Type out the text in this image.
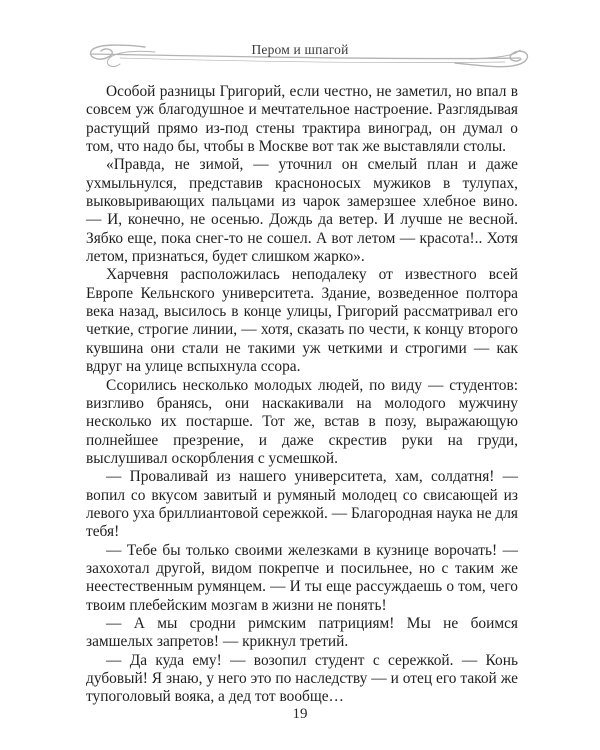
Пером и шпагой

Особой разницы Григорий, если честно, не заметил, но впал в совсем уж благодушное и мечтательное настроение. Разглядывая растущий прямо из-под стены трактира виноград, он думал о том, что надо бы, чтобы в Москве вот так же выставляли столы.

«Правда, не зимой, — уточнил он смелый план и даже ухмыльнулся, представив красноносых мужиков в тулупах, выковыривающих пальцами из чарок замерзшее хлебное вино. — И, конечно, не осенью. Дождь да ветер. И лучше не весной. Зябко еще, пока снег-то не сошел. А вот летом — красота!.. Хотя летом, признаться, будет слишком жарко».

Харчевня расположилась неподалеку от известного всей Европе Кельнского университета. Здание, возведенное полтора века назад, высилось в конце улицы, Григорий рассматривал его четкие, строгие линии, — хотя, сказать по чести, к концу второго кувшина они стали не такими уж четкими и строгими — как вдруг на улице вспыхнула ссора.

Ссорились несколько молодых людей, по виду — студентов: визгливо бранясь, они наскакивали на молодого мужчину несколько их постарше. Тот же, встав в позу, выражающую полнейшее презрение, и даже скрестив руки на груди, выслушивал оскорбления с усмешкой.

— Проваливай из нашего университета, хам, солдатня! — вопил со вкусом завитый и румяный молодец со свисающей из левого уха бриллиантовой сережкой. — Благородная наука не для тебя!

— Тебе бы только своими железками в кузнице ворочать! — захохотал другой, видом покрепче и посильнее, но с таким же неестественным румянцем. — И ты еще рассуждаешь о том, чего твоим плебейским мозгам в жизни не понять!

— А мы сродни римским патрициям! Мы не боимся замшелых запретов! — крикнул третий.

— Да куда ему! — возопил студент с сережкой. — Конь дубовый! Я знаю, у него это по наследству — и отец его такой же тупоголовый вояка, а дед тот вообще…

19
